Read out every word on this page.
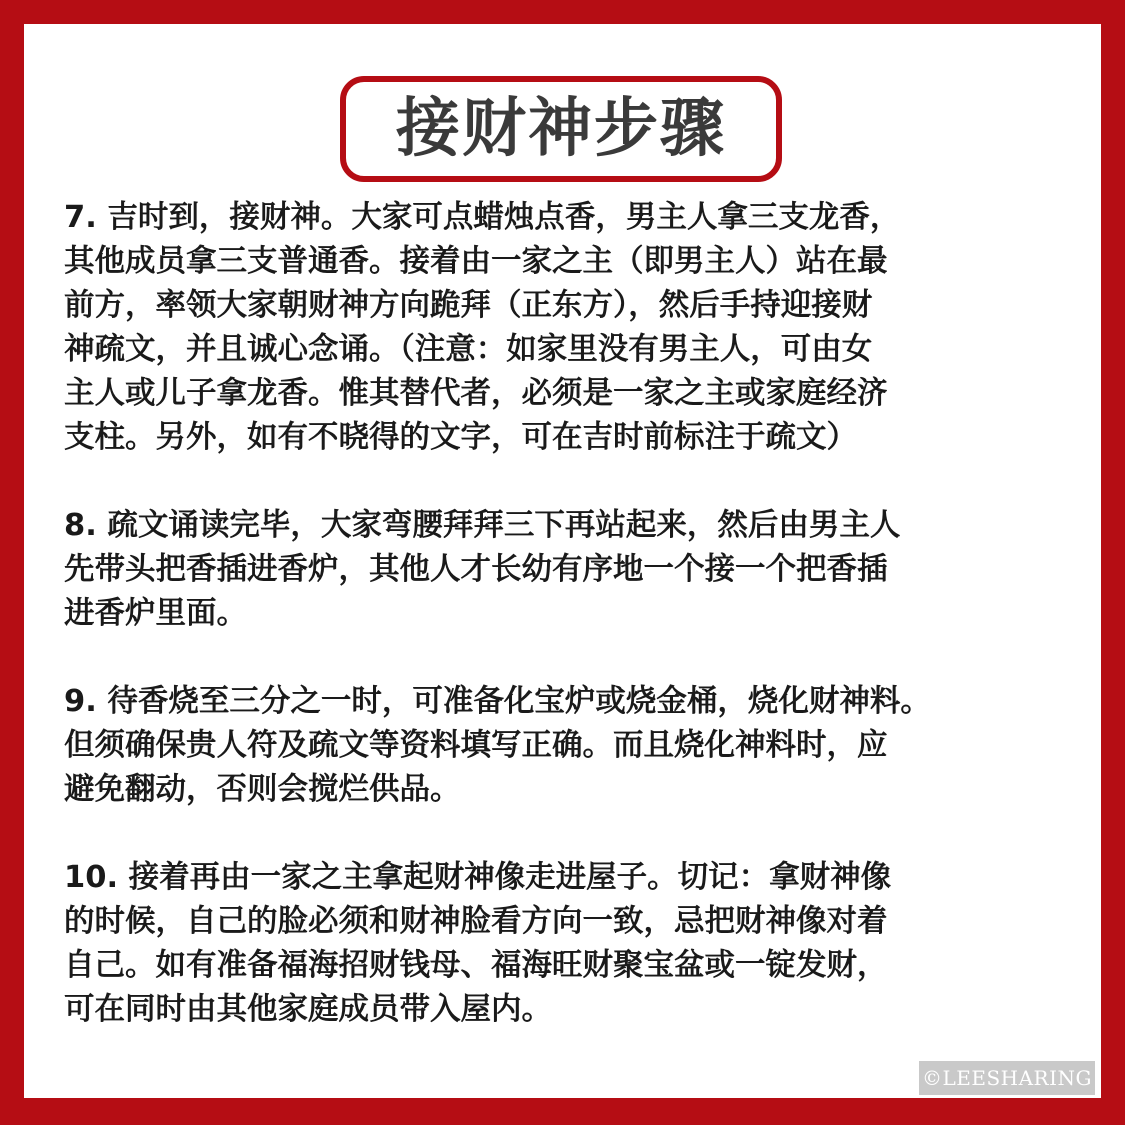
接财神步骤

7. 吉时到，接财神。大家可点蜡烛点香，男主人拿三支龙香，
其他成员拿三支普通香。接着由一家之主（即男主人）站在最
前方，率领大家朝财神方向跪拜（正东方），然后手持迎接财
神疏文，并且诚心念诵。（注意：如家里没有男主人，可由女
主人或儿子拿龙香。惟其替代者，必须是一家之主或家庭经济
支柱。另外，如有不晓得的文字，可在吉时前标注于疏文）

8. 疏文诵读完毕，大家弯腰拜拜三下再站起来，然后由男主人
先带头把香插进香炉，其他人才长幼有序地一个接一个把香插
进香炉里面。

9. 待香烧至三分之一时，可准备化宝炉或烧金桶，烧化财神料。
但须确保贵人符及疏文等资料填写正确。而且烧化神料时，应
避免翻动，否则会搅烂供品。

10. 接着再由一家之主拿起财神像走进屋子。切记：拿财神像
的时候，自己的脸必须和财神脸看方向一致，忌把财神像对着
自己。如有准备福海招财钱母、福海旺财聚宝盆或一锭发财，
可在同时由其他家庭成员带入屋内。

©LEESHARING
